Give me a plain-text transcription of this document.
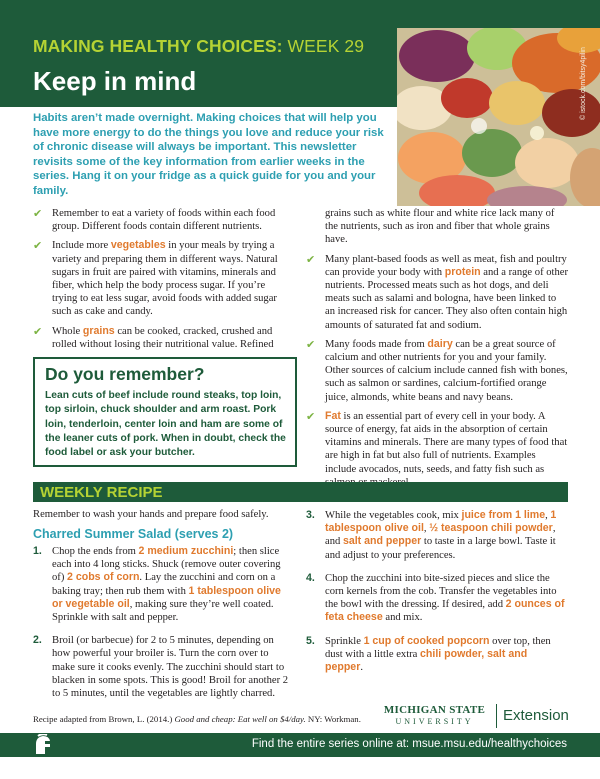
MAKING HEALTHY CHOICES: WEEK 29
Keep in mind	© istock.com/bitsy4pilin
Habits aren’t made overnight. Making choices that will help you have more energy to do the things you love and reduce your risk of chronic disease will always be important. This newsletter revisits some of the key information from earlier weeks in the series. Hang it on your fridge as a quick guide for you and your family.
✔ Remember to eat a variety of foods within each food group. Different foods contain different nutrients.
✔ Include more vegetables in your meals by trying a variety and preparing them in different ways. Natural sugars in fruit are paired with vitamins, minerals and fiber, which help the body process sugar. If you’re trying to eat less sugar, avoid foods with added sugar such as cake and candy.
✔ Whole grains can be cooked, cracked, crushed and rolled without losing their nutritional value. Refined
Do you remember?
Lean cuts of beef include round steaks, top loin, top sirloin, chuck shoulder and arm roast. Pork loin, tenderloin, center loin and ham are some of the leaner cuts of pork. When in doubt, check the food label or ask your butcher.
grains such as white flour and white rice lack many of the nutrients, such as iron and fiber that whole grains have.
✔ Many plant-based foods as well as meat, fish and poultry can provide your body with protein and a range of other nutrients. Processed meats such as hot dogs, and deli meats such as salami and bologna, have been linked to an increased risk for cancer. They also often contain high amounts of saturated fat and sodium.
✔ Many foods made from dairy can be a great source of calcium and other nutrients for you and your family. Other sources of calcium include canned fish with bones, such as salmon or sardines, calcium-fortified orange juice, almonds, white beans and navy beans.
✔ Fat is an essential part of every cell in your body. A source of energy, fat aids in the absorption of certain vitamins and minerals. There are many types of food that are high in fat but also full of nutrients. Examples include avocados, nuts, seeds, and fatty fish such as
WEEKLY RECIPE
Remember to wash your hands and prepare food safely.
Charred Summer Salad (serves 2)
1. Chop the ends from 2 medium zucchini; then slice each into 4 long sticks. Shuck (remove outer covering of) 2 cobs of corn. Lay the zucchini and corn on a baking tray; then rub them with 1 tablespoon olive or vegetable oil, making sure they’re well coated. Sprinkle with salt and pepper.
2. Broil (or barbecue) for 2 to 5 minutes, depending on how powerful your broiler is. Turn the corn over to make sure it cooks evenly. The zucchini should start to blacken in some spots. This is good! Broil for another 2 to 5 minutes, until the vegetables are lightly charred.
3. While the vegetables cook, mix juice from 1 lime, 1 tablespoon olive oil, ½ teaspoon chili powder, and salt and pepper to taste in a large bowl. Taste it and adjust to your preferences.
4. Chop the zucchini into bite-sized pieces and slice the corn kernels from the cob. Transfer the vegetables into the bowl with the dressing. If desired, add 2 ounces of feta cheese and mix.
5. Sprinkle 1 cup of cooked popcorn over top, then dust with a little extra chili powder, salt and pepper.
Recipe adapted from Brown, L. (2014.) Good and cheap: Eat well on $4/day. NY: Workman.
MICHIGAN STATE
UNIVERSITY	Extension
Find the entire series online at: msue.msu.edu/healthychoices
